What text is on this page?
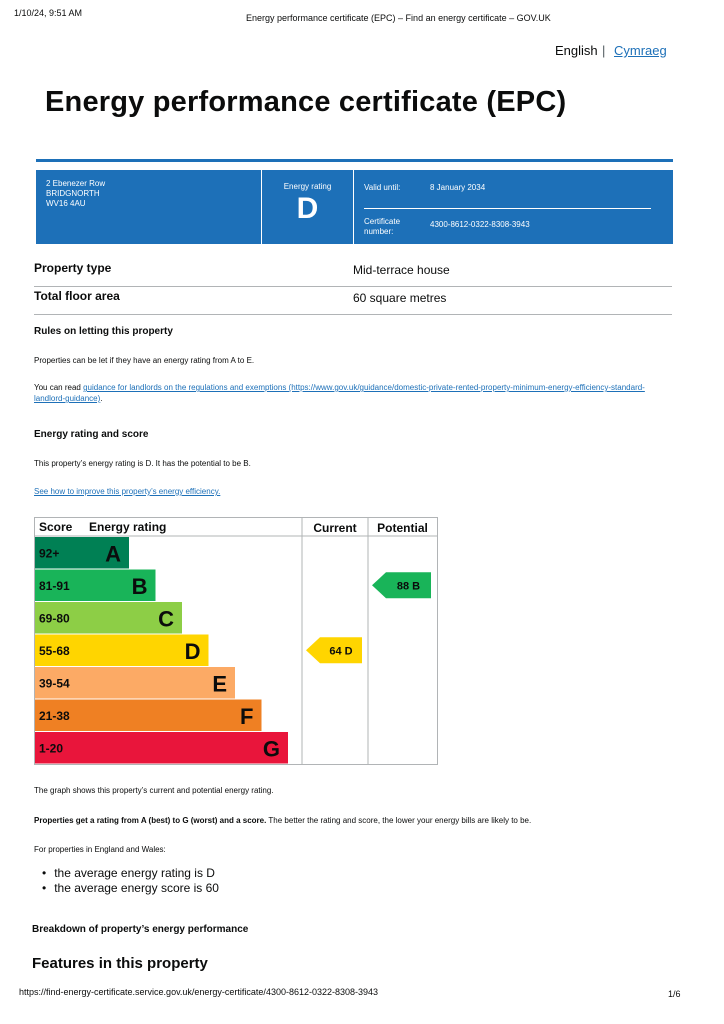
1/10/24, 9:51 AM	Energy performance certificate (EPC) – Find an energy certificate – GOV.UK
English | Cymraeg
Energy performance certificate (EPC)
2 Ebenezer Row
BRIDGNORTH
WV16 4AU
Energy rating
D
Valid until:	8 January 2034
Certificate number:
4300-8612-0322-8308-3943
Property type	Mid-terrace house
Total floor area	60 square metres
Rules on letting this property
Properties can be let if they have an energy rating from A to E.
You can read guidance for landlords on the regulations and exemptions (https://www.gov.uk/guidance/domestic-private-rented-property-minimum-energy-efficiency-standard-landlord-guidance).
Energy rating and score
This property’s energy rating is D. It has the potential to be B.
See how to improve this property’s energy efficiency.
Score Energy rating	Current Potential
92+ A
81-91	B
69-80	C
55-68	D
39-54	E
21-38	F
1-20	G
64 D
88 B
The graph shows this property’s current and potential energy rating.
Properties get a rating from A (best) to G (worst) and a score. The better the rating and score, the lower your energy bills are likely to be.
For properties in England and Wales:
• the average energy rating is D
• the average energy score is 60
Breakdown of property’s energy performance
Features in this property
https://find-energy-certificate.service.gov.uk/energy-certificate/4300-8612-0322-8308-3943	1/6
